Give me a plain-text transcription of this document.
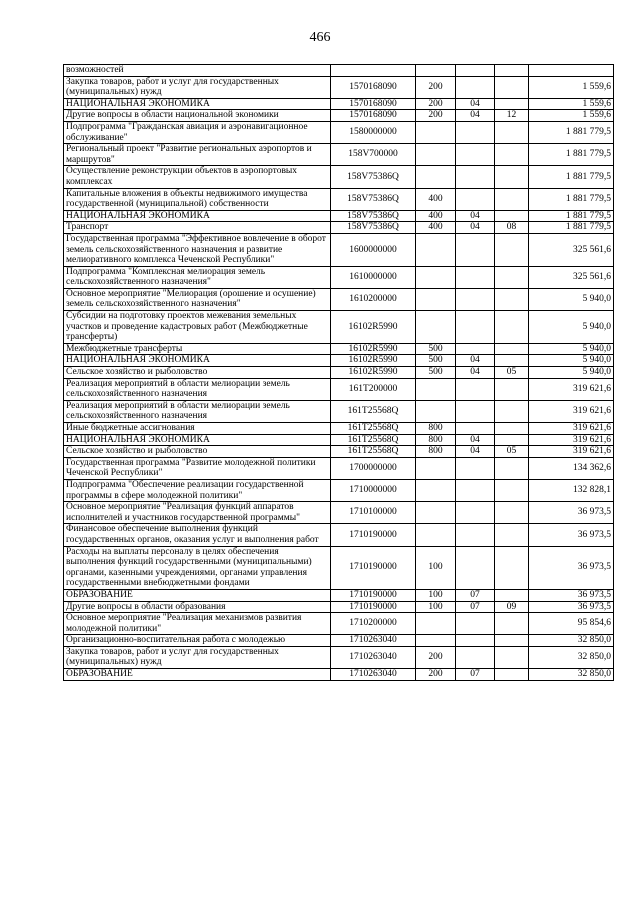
466
возможностей					
Закупка товаров, работ и услуг для государственных (муниципальных) нужд	1570168090	200			1 559,6
НАЦИОНАЛЬНАЯ ЭКОНОМИКА	1570168090	200	04		1 559,6
Другие вопросы в области национальной экономики	1570168090	200	04	12	1 559,6
Подпрограмма "Гражданская авиация и аэронавигационное обслуживание"	1580000000				1 881 779,5
Региональный проект "Развитие региональных аэропортов и маршрутов"	158V700000				1 881 779,5
Осуществление реконструкции объектов в аэропортовых комплексах	158V75386Q				1 881 779,5
Капитальные вложения в объекты недвижимого имущества государственной (муниципальной) собственности	158V75386Q	400			1 881 779,5
НАЦИОНАЛЬНАЯ ЭКОНОМИКА	158V75386Q	400	04		1 881 779,5
Транспорт	158V75386Q	400	04	08	1 881 779,5
Государственная программа "Эффективное вовлечение в оборот земель сельскохозяйственного назначения и развитие мелиоративного комплекса Чеченской Республики"	1600000000				325 561,6
Подпрограмма "Комплексная мелиорация земель сельскохозяйственного назначения"	1610000000				325 561,6
Основное мероприятие "Мелиорация (орошение и осушение) земель сельскохозяйственного назначения"	1610200000				5 940,0
Субсидии на подготовку проектов межевания земельных участков и проведение кадастровых работ (Межбюджетные трансферты)	16102R5990				5 940,0
Межбюджетные трансферты	16102R5990	500			5 940,0
НАЦИОНАЛЬНАЯ ЭКОНОМИКА	16102R5990	500	04		5 940,0
Сельское хозяйство и рыболовство	16102R5990	500	04	05	5 940,0
Реализация мероприятий в области мелиорации земель сельскохозяйственного назначения	161T200000				319 621,6
Реализация мероприятий в области мелиорации земель сельскохозяйственного назначения	161T25568Q				319 621,6
Иные бюджетные ассигнования	161T25568Q	800			319 621,6
НАЦИОНАЛЬНАЯ ЭКОНОМИКА	161T25568Q	800	04		319 621,6
Сельское хозяйство и рыболовство	161T25568Q	800	04	05	319 621,6
Государственная программа "Развитие молодежной политики Чеченской Республики"	1700000000				134 362,6
Подпрограмма "Обеспечение реализации государственной программы в сфере молодежной политики"	1710000000				132 828,1
Основное мероприятие "Реализация функций аппаратов исполнителей и участников государственной программы"	1710100000				36 973,5
Финансовое обеспечение выполнения функций государственных органов, оказания услуг и выполнения работ	1710190000				36 973,5
Расходы на выплаты персоналу в целях обеспечения выполнения функций государственными (муниципальными) органами, казенными учреждениями, органами управления государственными внебюджетными фондами	1710190000	100			36 973,5
ОБРАЗОВАНИЕ	1710190000	100	07		36 973,5
Другие вопросы в области образования	1710190000	100	07	09	36 973,5
Основное мероприятие "Реализация механизмов развития молодежной политики"	1710200000				95 854,6
Организационно-воспитательная работа с молодежью	1710263040				32 850,0
Закупка товаров, работ и услуг для государственных (муниципальных) нужд	1710263040	200			32 850,0
ОБРАЗОВАНИЕ	1710263040	200	07		32 850,0
